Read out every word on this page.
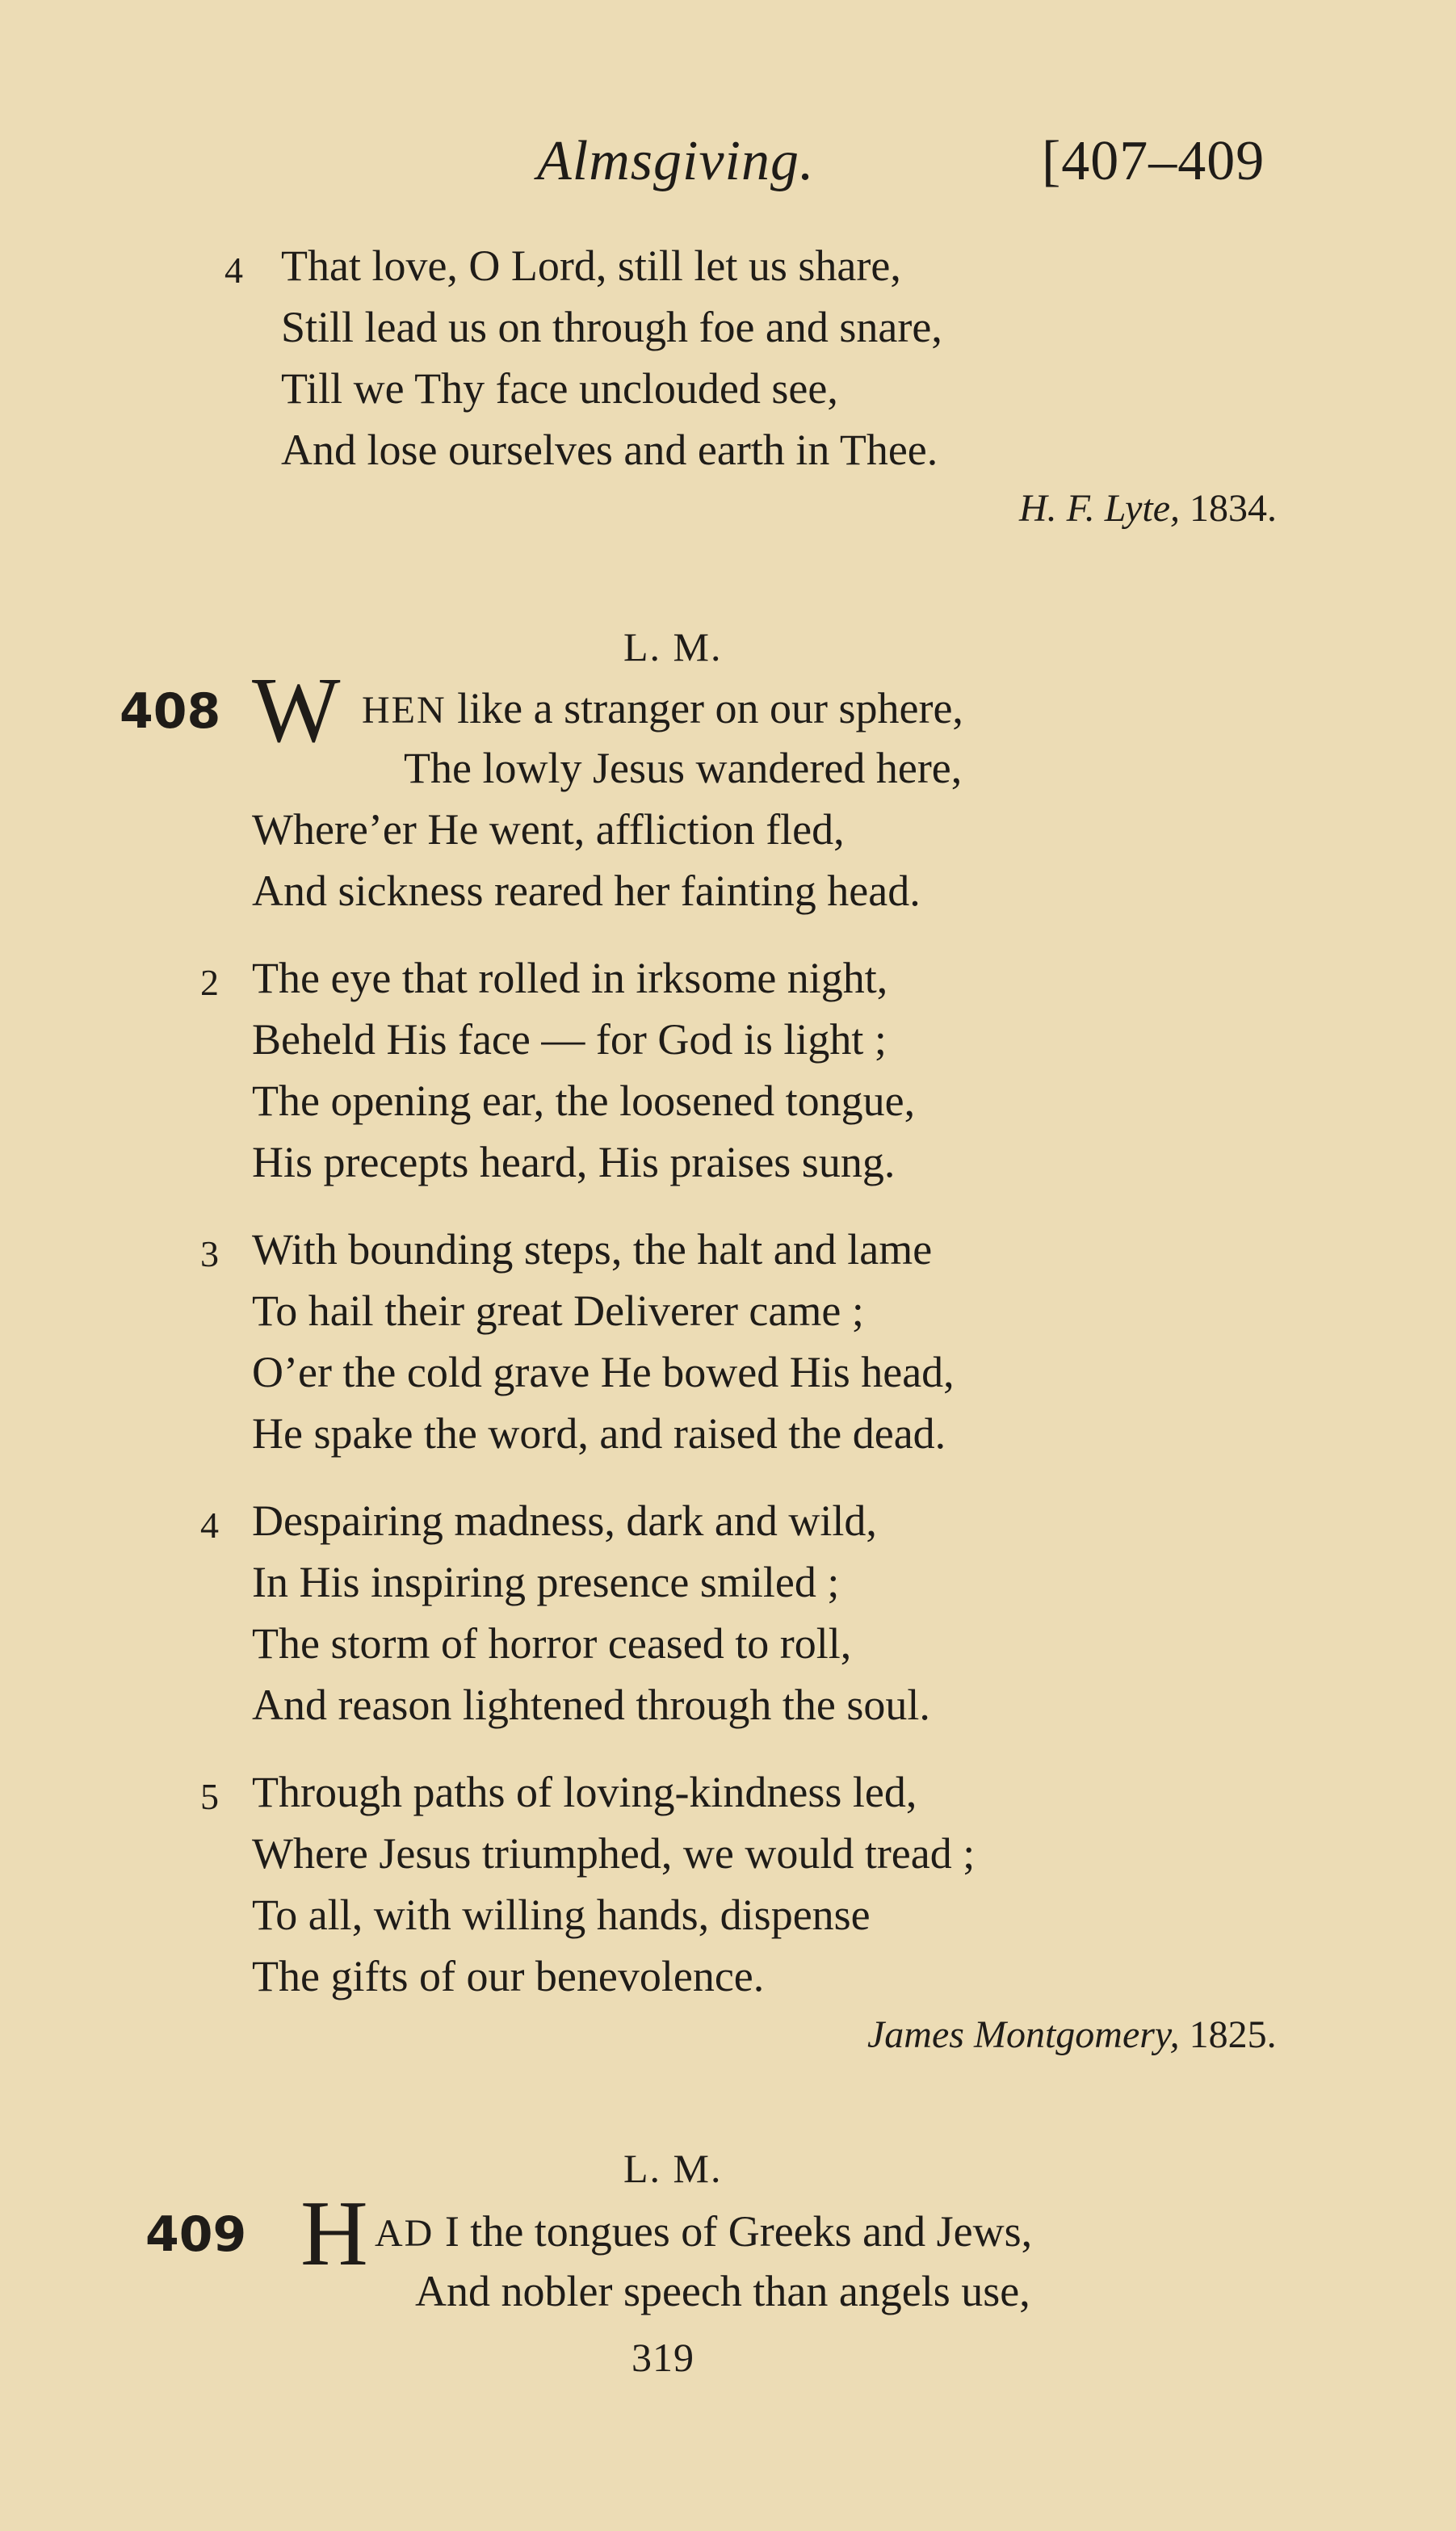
Almsgiving.	[407–409
4 That love, O Lord, still let us share,
Still lead us on through foe and snare,
Till we Thy face unclouded see,
And lose ourselves and earth in Thee.
H. F. Lyte, 1834.
L. M.
408 W HEN like a stranger on our sphere,
The lowly Jesus wandered here,
Where’er He went, affliction fled,
And sickness reared her fainting head.
2 The eye that rolled in irksome night,
Beheld His face — for God is light ;
The opening ear, the loosened tongue,
His precepts heard, His praises sung.
3 With bounding steps, the halt and lame
To hail their great Deliverer came ;
O’er the cold grave He bowed His head,
He spake the word, and raised the dead.
4 Despairing madness, dark and wild,
In His inspiring presence smiled ;
The storm of horror ceased to roll,
And reason lightened through the soul.
5 Through paths of loving-kindness led,
Where Jesus triumphed, we would tread ;
To all, with willing hands, dispense
The gifts of our benevolence.
James Montgomery, 1825.
L. M.
409 H AD I the tongues of Greeks and Jews,
And nobler speech than angels use,
319
